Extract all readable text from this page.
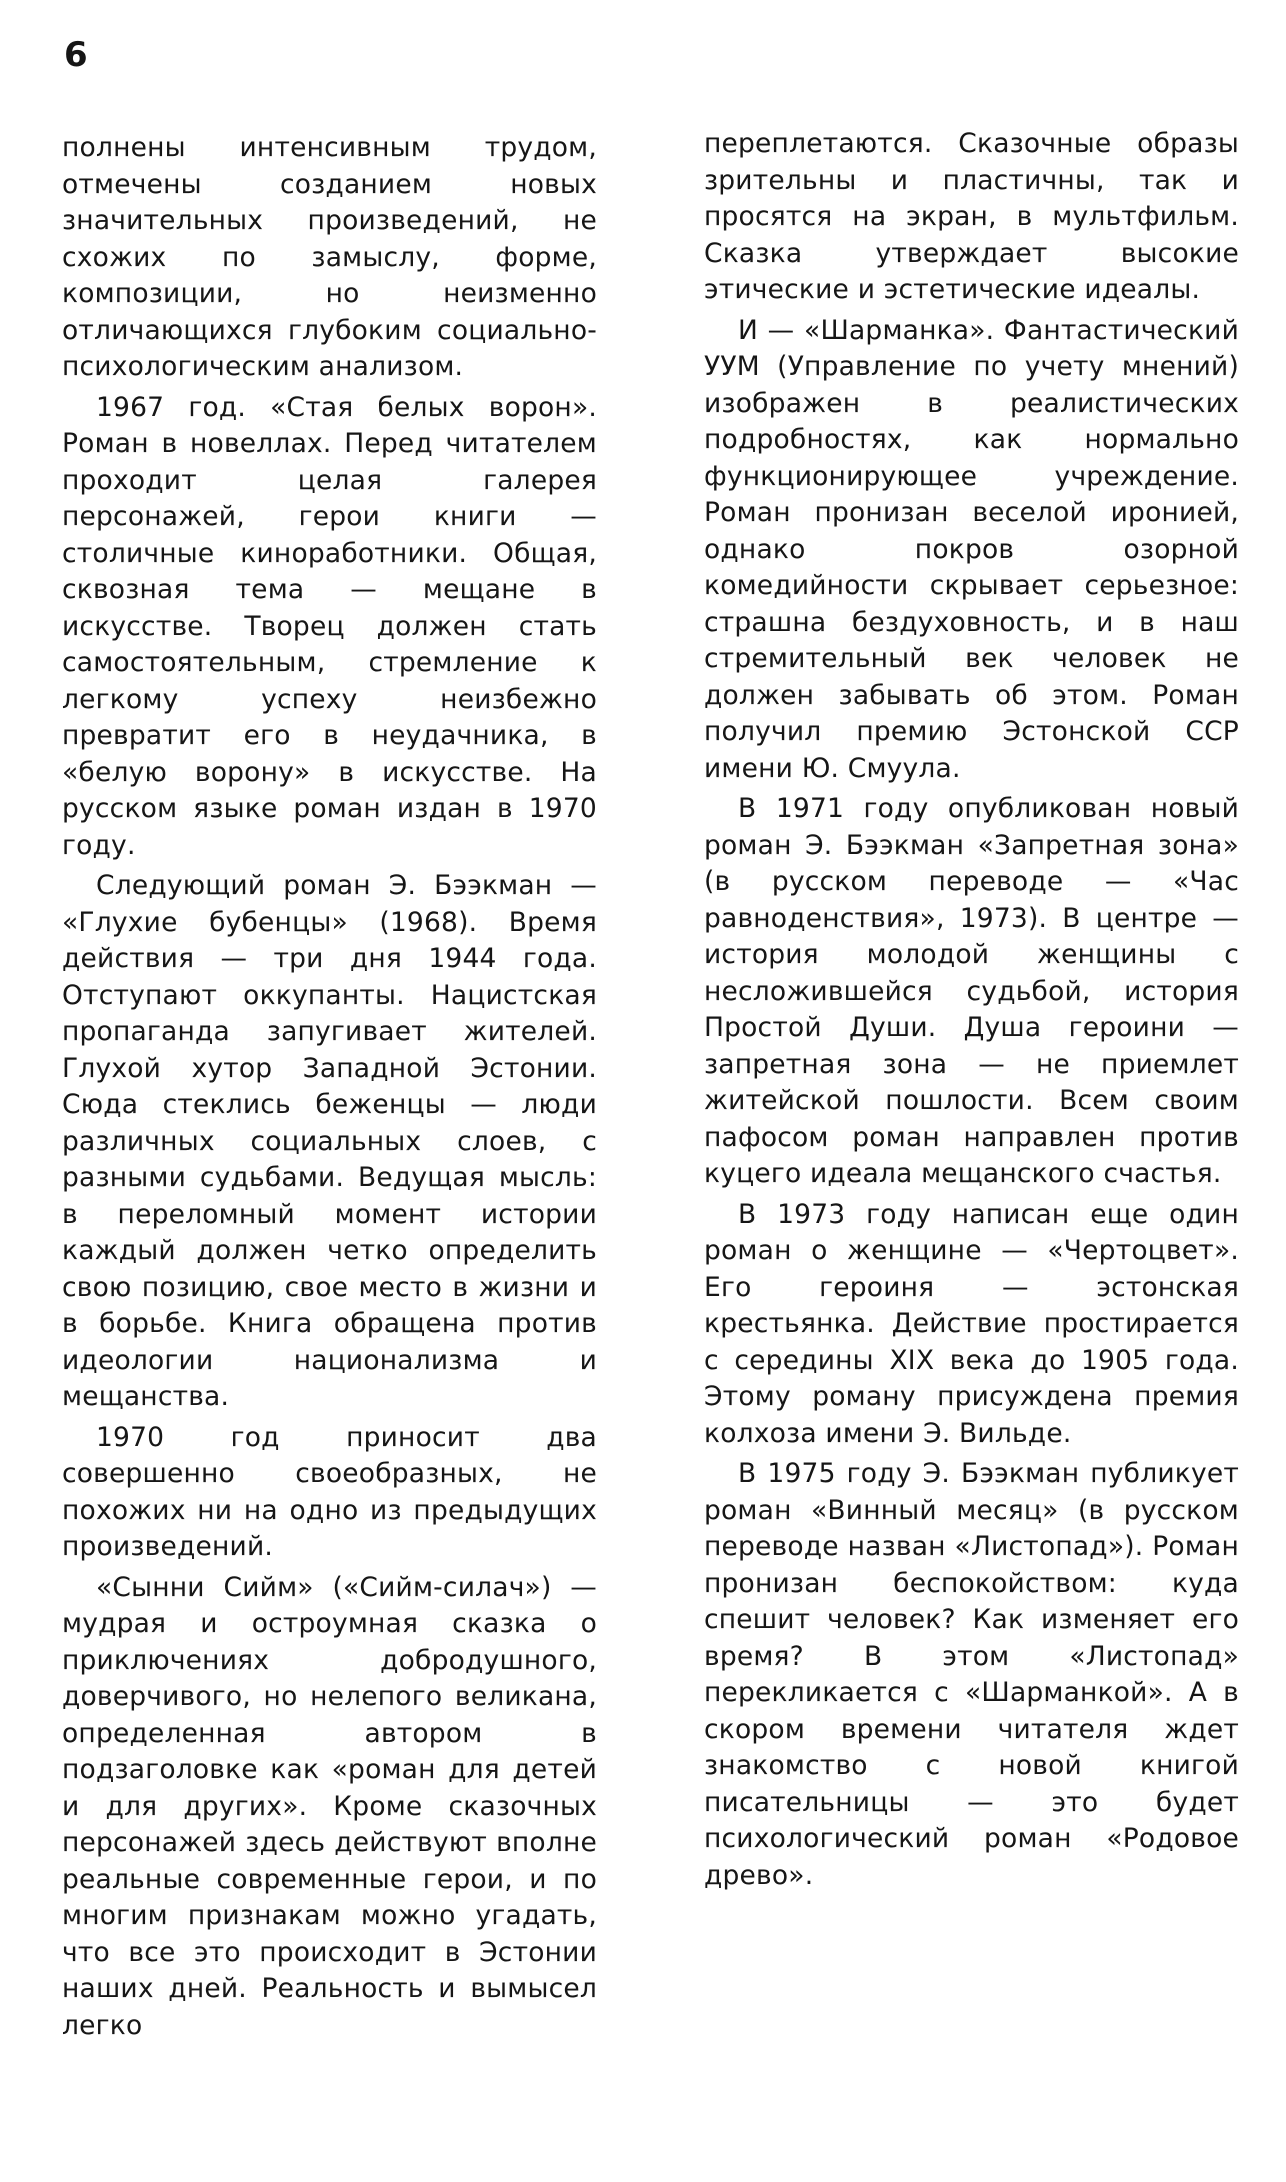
6

полнены интенсивным трудом, отмечены созданием новых значительных произведений, не схожих по замыслу, форме, композиции, но неизменно отличающихся глубоким социально-психологическим анализом.

1967 год. «Стая белых ворон». Роман в новеллах. Перед читателем проходит целая галерея персонажей, герои книги — столичные киноработники. Общая, сквозная тема — мещане в искусстве. Творец должен стать самостоятельным, стремление к легкому успеху неизбежно превратит его в неудачника, в «белую ворону» в искусстве. На русском языке роман издан в 1970 году.

Следующий роман Э. Бээкман — «Глухие бубенцы» (1968). Время действия — три дня 1944 года. Отступают оккупанты. Нацистская пропаганда запугивает жителей. Глухой хутор Западной Эстонии. Сюда стеклись беженцы — люди различных социальных слоев, с разными судьбами. Ведущая мысль: в переломный момент истории каждый должен четко определить свою позицию, свое место в жизни и в борьбе. Книга обращена против идеологии национализма и мещанства.

1970 год приносит два совершенно своеобразных, не похожих ни на одно из предыдущих произведений.

«Сынни Сийм» («Сийм-силач») — мудрая и остроумная сказка о приключениях добродушного, доверчивого, но нелепого великана, определенная автором в подзаголовке как «роман для детей и для других». Кроме сказочных персонажей здесь действуют вполне реальные современные герои, и по многим признакам можно угадать, что все это происходит в Эстонии наших дней. Реальность и вымысел легко

переплетаются. Сказочные образы зрительны и пластичны, так и просятся на экран, в мультфильм. Сказка утверждает высокие этические и эстетические идеалы.

И — «Шарманка». Фантастический УУМ (Управление по учету мнений) изображен в реалистических подробностях, как нормально функционирующее учреждение. Роман пронизан веселой иронией, однако покров озорной комедийности скрывает серьезное: страшна бездуховность, и в наш стремительный век человек не должен забывать об этом. Роман получил премию Эстонской ССР имени Ю. Смуула.

В 1971 году опубликован новый роман Э. Бээкман «Запретная зона» (в русском переводе — «Час равноденствия», 1973). В центре — история молодой женщины с несложившейся судьбой, история Простой Души. Душа героини — запретная зона — не приемлет житейской пошлости. Всем своим пафосом роман направлен против куцего идеала мещанского счастья.

В 1973 году написан еще один роман о женщине — «Чертоцвет». Его героиня — эстонская крестьянка. Действие простирается с середины XIX века до 1905 года. Этому роману присуждена премия колхоза имени Э. Вильде.

В 1975 году Э. Бээкман публикует роман «Винный месяц» (в русском переводе назван «Листопад»). Роман пронизан беспокойством: куда спешит человек? Как изменяет его время? В этом «Листопад» перекликается с «Шарманкой». А в скором времени читателя ждет знакомство с новой книгой писательницы — это будет психологический роман «Родовое древо».
